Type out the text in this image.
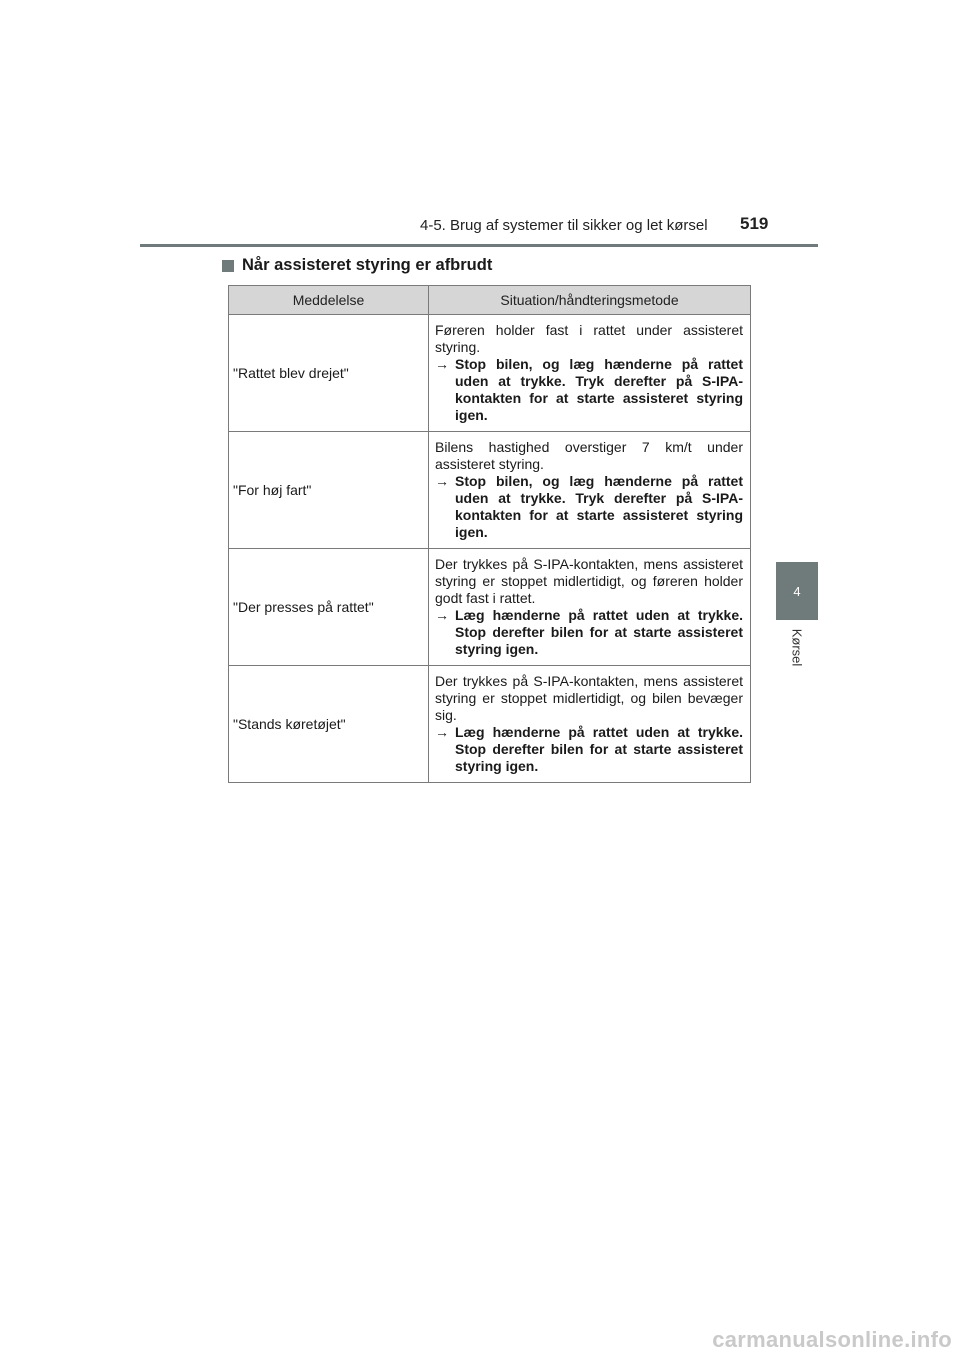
4-5. Brug af systemer til sikker og let kørsel 519
4
Kørsel
Når assisteret styring er afbrudt
Meddelelse	Situation/håndteringsmetode
"Rattet blev drejet"	Føreren holder fast i rattet under assisteret styring.
→ Stop bilen, og læg hænderne på rattet uden at trykke. Tryk derefter på S-IPA-kontakten for at starte assisteret styring igen.

"For høj fart"	Bilens hastighed overstiger 7 km/t under assisteret styring.
→ Stop bilen, og læg hænderne på rattet uden at trykke. Tryk derefter på S-IPA-kontakten for at starte assisteret styring igen.

"Der presses på rattet"	Der trykkes på S-IPA-kontakten, mens assisteret styring er stoppet midlertidigt, og føreren holder godt fast i rattet.
→ Læg hænderne på rattet uden at trykke. Stop derefter bilen for at starte assisteret styring igen.

"Stands køretøjet"	Der trykkes på S-IPA-kontakten, mens assisteret styring er stoppet midlertidigt, og bilen bevæger sig.
→ Læg hænderne på rattet uden at trykke. Stop derefter bilen for at starte assisteret styring igen.
carmanualsonline.info
